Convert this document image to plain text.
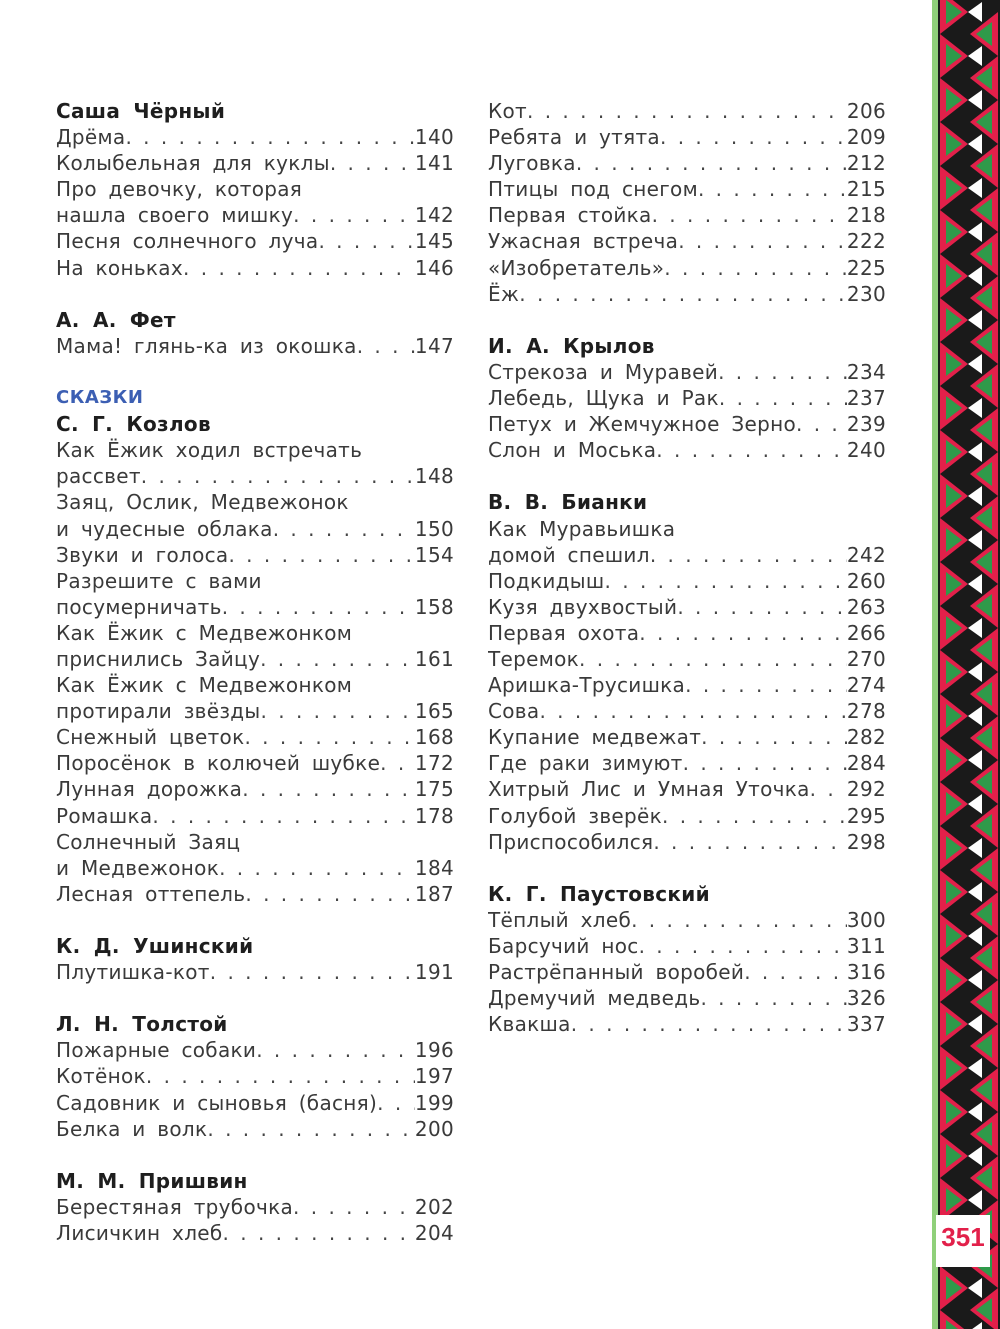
Саша Чёрный
Дрёма . . .	140
Колыбельная для куклы . . .	141
Про девочку, которая
нашла своего мишку . . .	142
Песня солнечного луча . . .	145
На коньках . . .	146
А. А. Фет
Мама! глянь-ка из окошка . . .	147
СКАЗКИ
С. Г. Козлов
Как Ёжик ходил встречать
рассвет . . .	148
Заяц, Ослик, Медвежонок
и чудесные облака . . .	150
Звуки и голоса . . .	154
Разрешите с вами
посумерничать . . .	158
Как Ёжик с Медвежонком
приснились Зайцу . . .	161
Как Ёжик с Медвежонком
протирали звёзды . . .	165
Снежный цветок . . .	168
Поросёнок в колючей шубке . . . 172
Лунная дорожка . . .	175
Ромашка . . .	178
Солнечный Заяц
и Медвежонок . . .	184
Лесная оттепель . . .	187
К. Д. Ушинский
Плутишка-кот . . .	191
Л. Н. Толстой
Пожарные собаки . . .	196
Котёнок . . .	197
Садовник и сыновья (басня) . . . 199
Белка и волк . . .	200
М. М. Пришвин
Берестяная трубочка . . .	202
Лисичкин хлеб . . .	204
Кот . . .	206
Ребята и утята . . .	209
Луговка . . .	212
Птицы под снегом . . .	215
Первая стойка . . .	218
Ужасная встреча . . .	222
«Изобретатель» . . .	225
Ёж . . .	230
И. А. Крылов
Стрекоза и Муравей . . .	234
Лебедь, Щука и Рак . . .	237
Петух и Жемчужное Зерно . . .	239
Слон и Моська . . .	240
В. В. Бианки
Как Муравьишка
домой спешил . . .	242
Подкидыш . . .	260
Кузя двухвостый . . .	263
Первая охота . . .	266
Теремок . . .	270
Аришка-Трусишка . . .	274
Сова . . .	278
Купание медвежат . . .	282
Где раки зимуют . . .	284
Хитрый Лис и Умная Уточка . . . 292
Голубой зверёк . . .	295
Приспособился . . .	298
К. Г. Паустовский
Тёплый хлеб . . .	300
Барсучий нос . . .	311
Растрёпанный воробей . . .	316
Дремучий медведь . . .	326
Квакша . . .	337
351
